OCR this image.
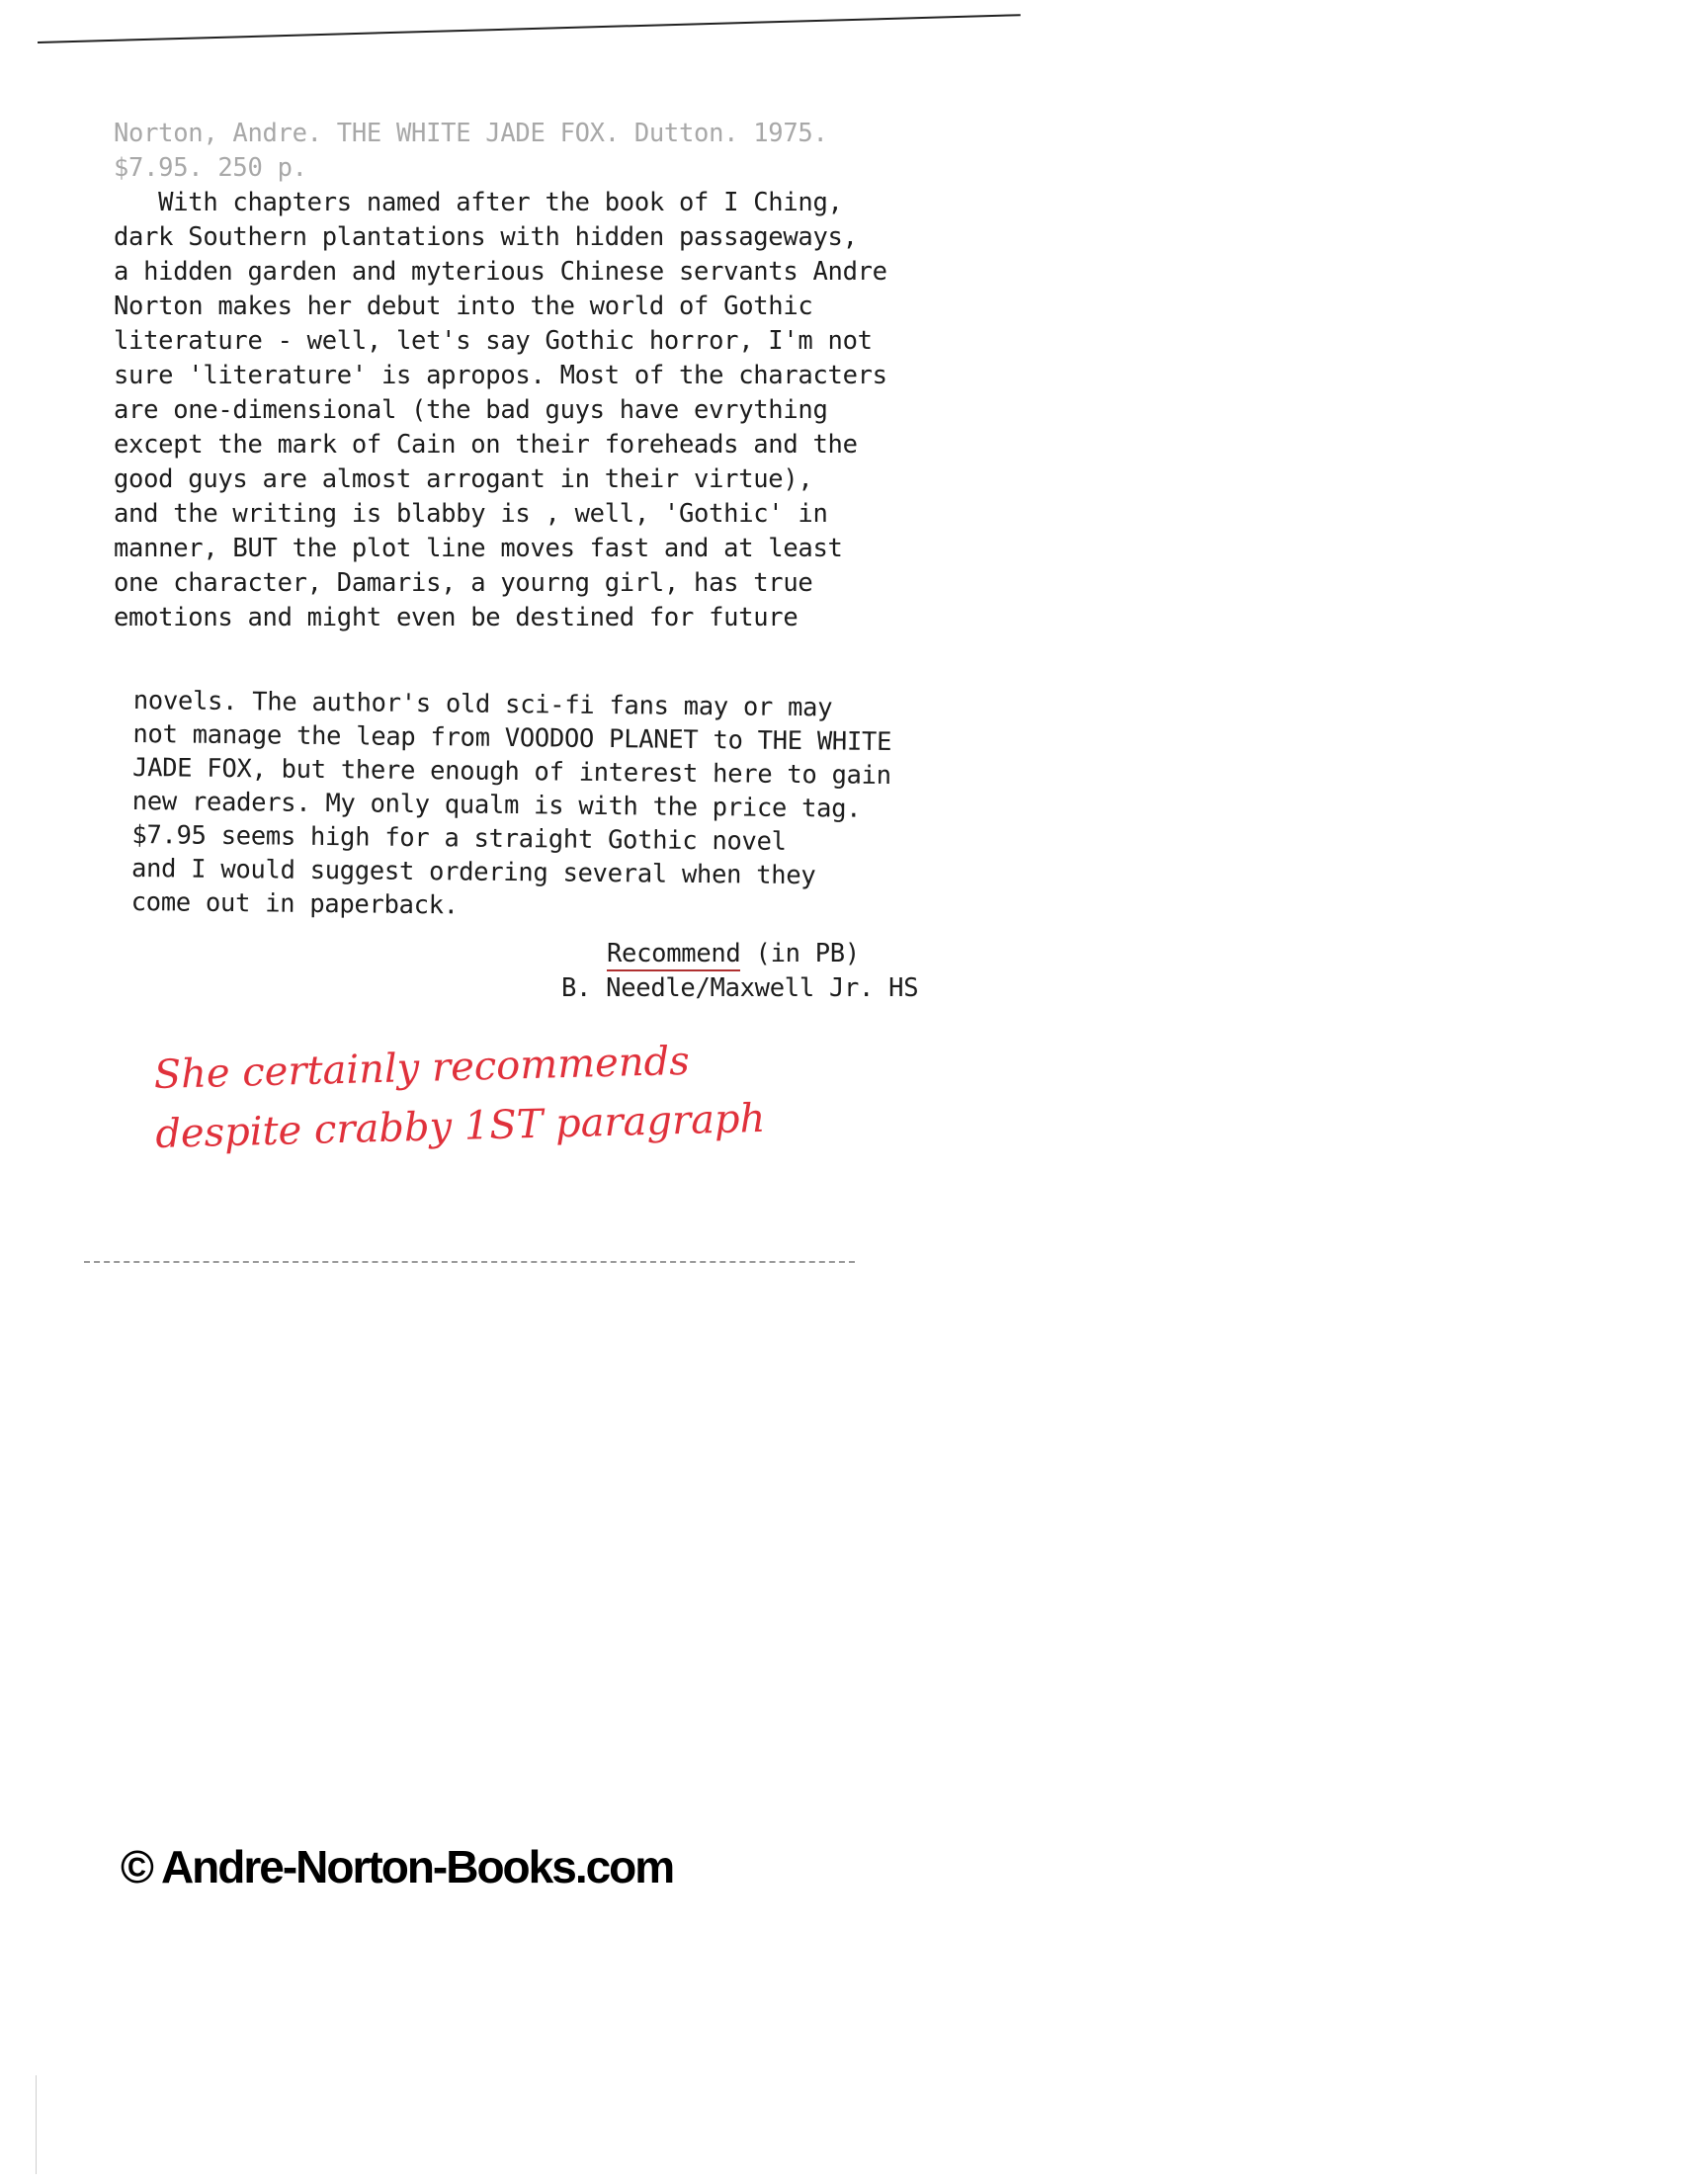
Norton, Andre. THE WHITE JADE FOX. Dutton. 1975.
$7.95. 250 p.
With chapters named after the book of I Ching,
dark Southern plantations with hidden passageways,
a hidden garden and myterious Chinese servants Andre
Norton makes her debut into the world of Gothic
literature - well, let's say Gothic horror, I'm not
sure 'literature' is apropos. Most of the characters
are one-dimensional (the bad guys have evrything
except the mark of Cain on their foreheads and the
good guys are almost arrogant in their virtue),
and the writing is blabby is , well, 'Gothic' in
manner, BUT the plot line moves fast and at least
one character, Damaris, a yourng girl, has true
emotions and might even be destined for future
novels. The author's old sci-fi fans may or may
not manage the leap from VOODOO PLANET to THE WHITE
JADE FOX, but there enough of interest here to gain
new readers. My only qualm is with the price tag.
$7.95 seems high for a straight Gothic novel
and I would suggest ordering several when they
come out in paperback.
Recommend (in PB)
B. Needle/Maxwell Jr. HS
She certainly recommends
despite crabby 1ST paragraph
© Andre-Norton-Books.com
